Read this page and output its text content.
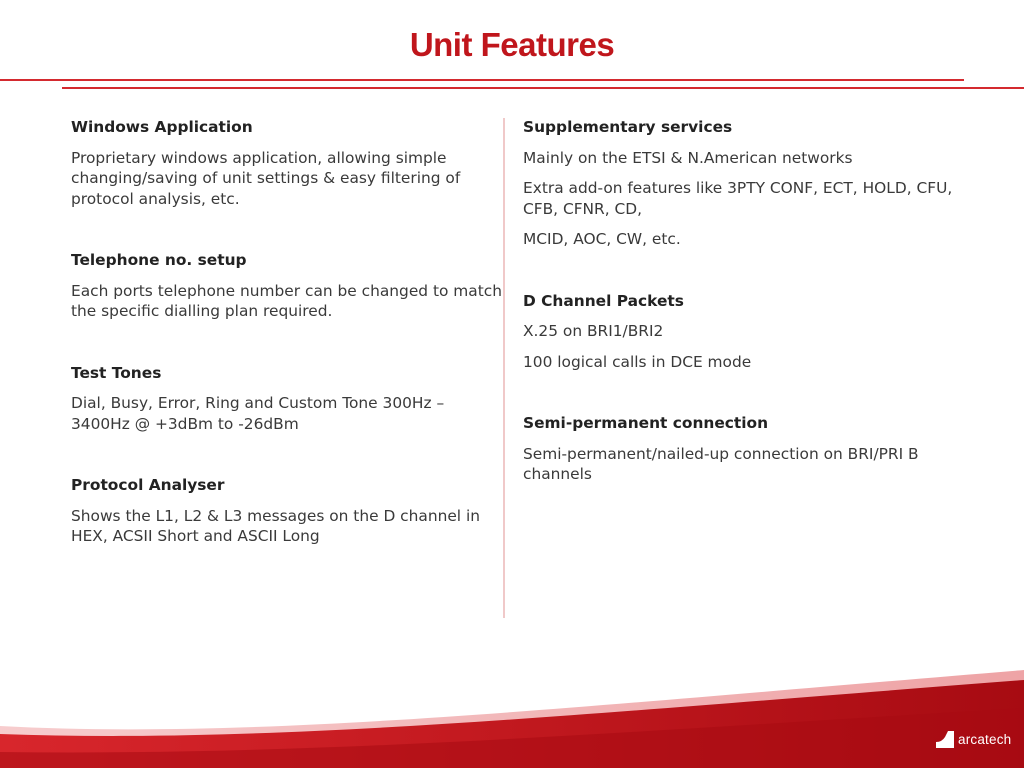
Unit Features
Windows Application
Proprietary windows application, allowing simple changing/saving of unit settings & easy filtering of protocol analysis, etc.
Telephone no. setup
Each ports telephone number can be changed to match the specific dialling plan required.
Test Tones
Dial, Busy, Error, Ring and Custom Tone 300Hz – 3400Hz @ +3dBm to -26dBm
Protocol Analyser
Shows the L1, L2 & L3 messages on the D channel in HEX, ACSII Short and ASCII Long
Supplementary services
Mainly on the ETSI & N.American networks
Extra add-on features like 3PTY CONF, ECT, HOLD, CFU, CFB, CFNR, CD,
MCID, AOC, CW, etc.
D Channel Packets
X.25 on BRI1/BRI2
100 logical calls in DCE mode
Semi-permanent connection
Semi-permanent/nailed-up connection on BRI/PRI B channels
arcatech
